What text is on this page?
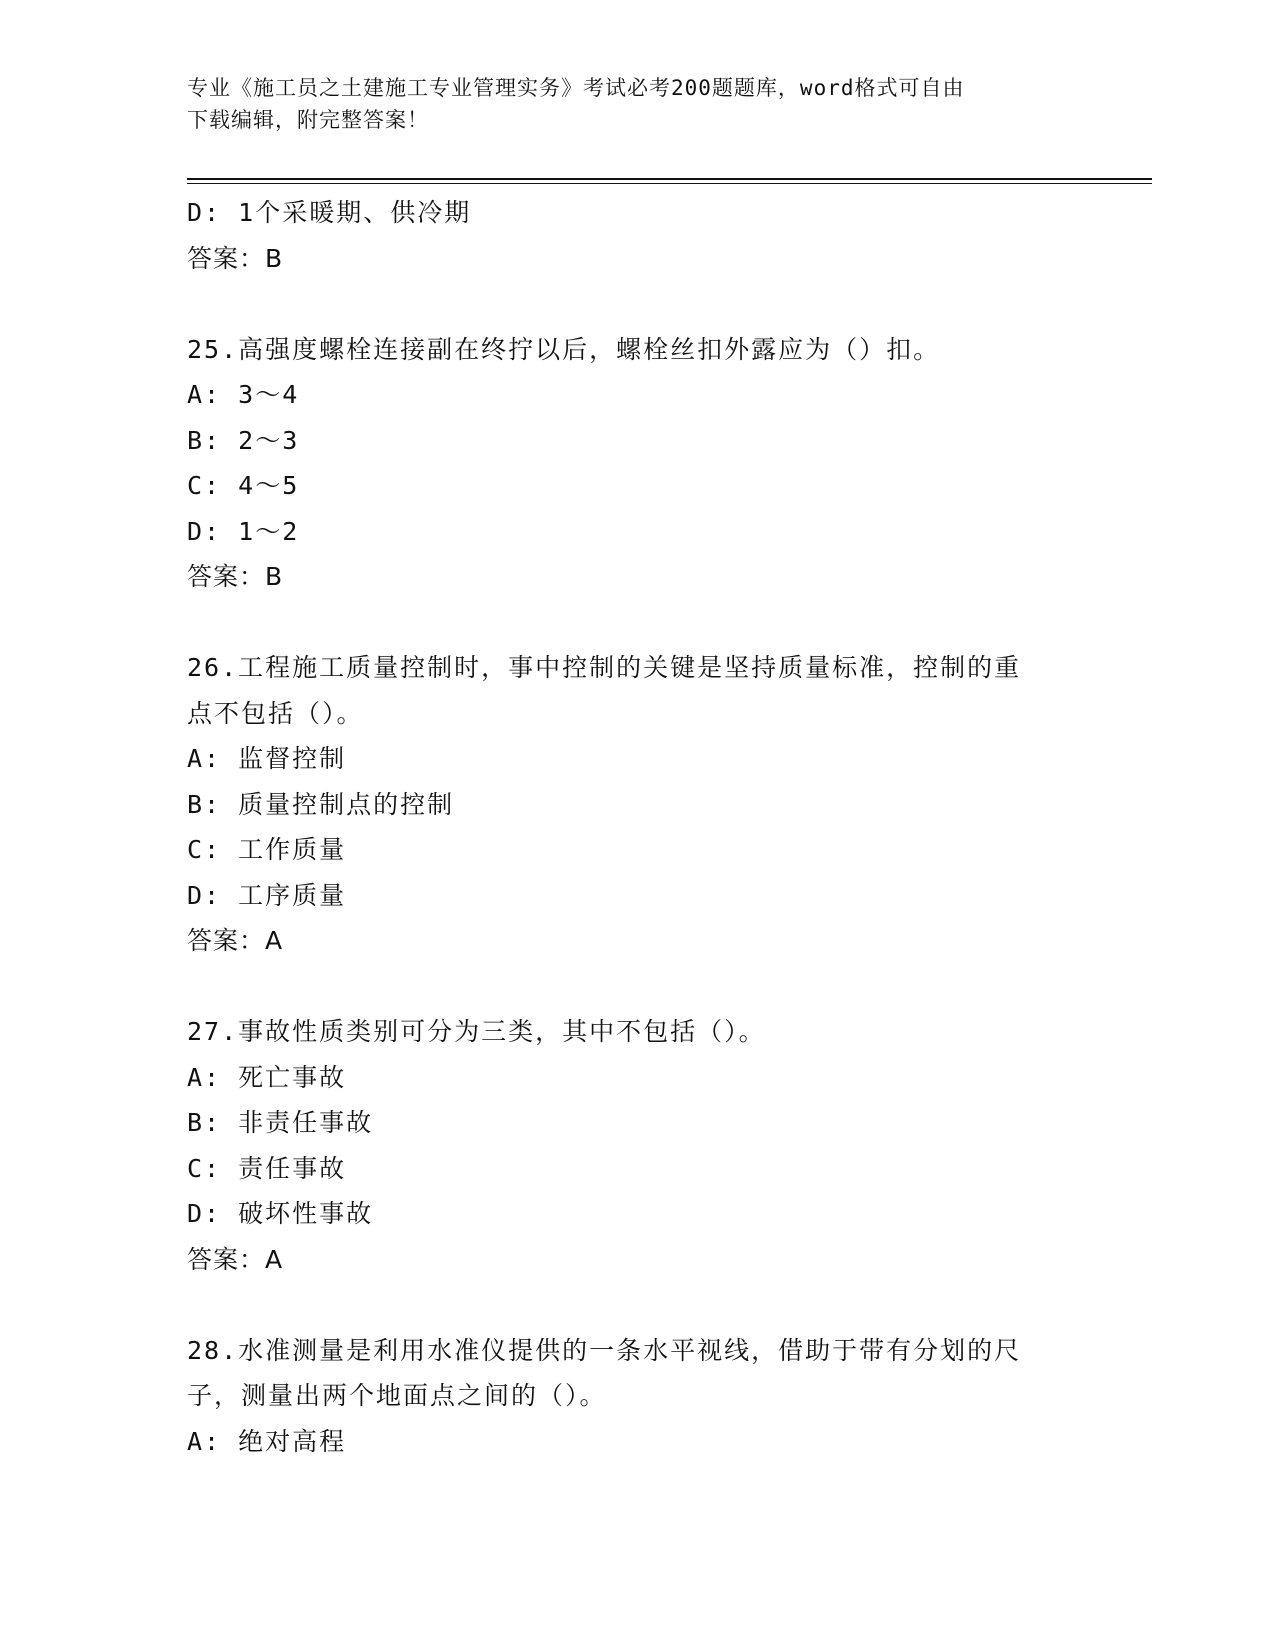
专业《施工员之土建施工专业管理实务》考试必考200题题库，word格式可自由
下载编辑，附完整答案！
D: 1个采暖期、供冷期
答案：B
25.高强度螺栓连接副在终拧以后，螺栓丝扣外露应为（）扣。
A: 3～4
B: 2～3
C: 4～5
D: 1～2
答案：B
26.工程施工质量控制时，事中控制的关键是坚持质量标准，控制的重
点不包括（）。
A: 监督控制
B: 质量控制点的控制
C: 工作质量
D: 工序质量
答案：A
27.事故性质类别可分为三类，其中不包括（）。
A: 死亡事故
B: 非责任事故
C: 责任事故
D: 破坏性事故
答案：A
28.水准测量是利用水准仪提供的一条水平视线，借助于带有分划的尺
子，测量出两个地面点之间的（）。
A: 绝对高程
